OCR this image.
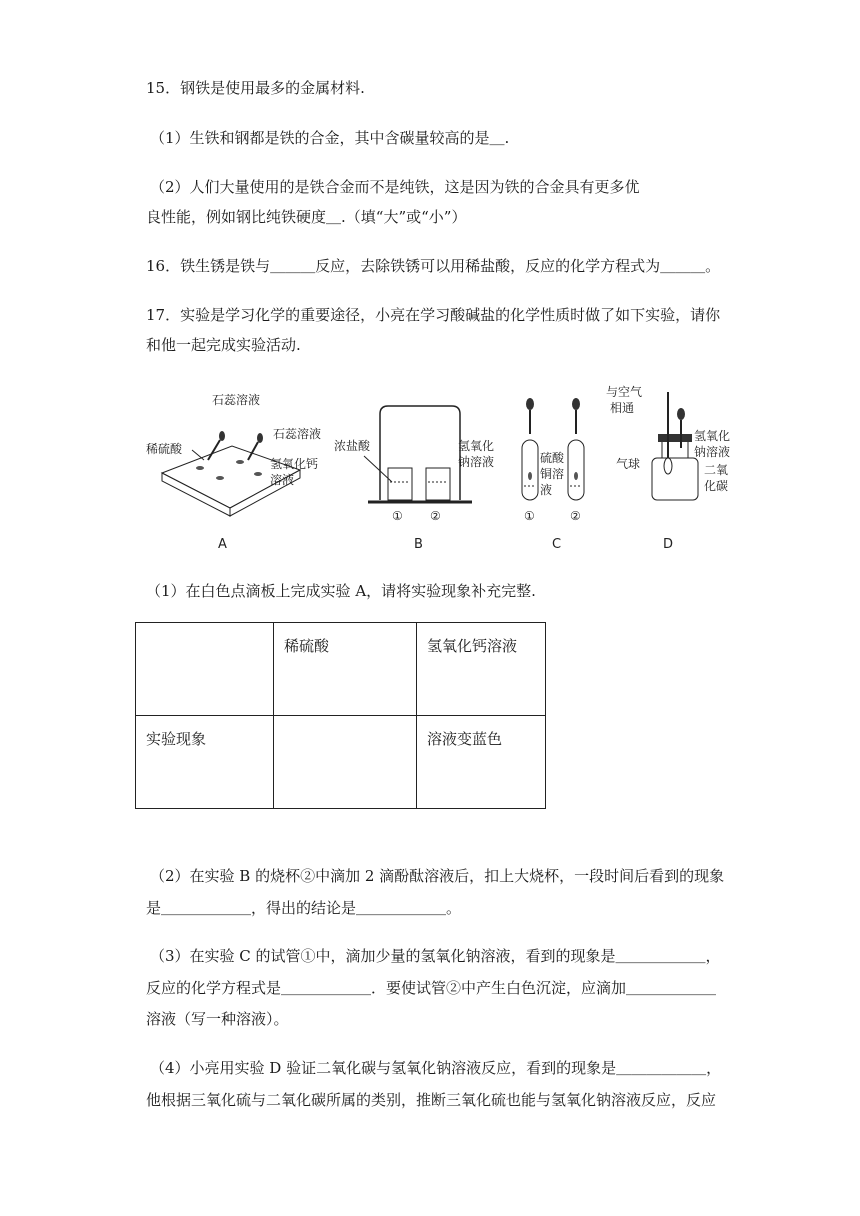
15．钢铁是使用最多的金属材料.
（1）生铁和钢都是铁的合金，其中含碳量较高的是＿.
（2）人们大量使用的是铁合金而不是纯铁，这是因为铁的合金具有更多优
良性能，例如钢比纯铁硬度＿.（填“大”或“小”）
16．铁生锈是铁与＿＿＿反应，去除铁锈可以用稀盐酸，反应的化学方程式为＿＿＿。
17．实验是学习化学的重要途径，小亮在学习酸碱盐的化学性质时做了如下实验，请你
和他一起完成实验活动.
石蕊溶液
石蕊溶液
稀硫酸
氢氧化钙
溶液
A
浓盐酸	氢氧化
钠溶液
① ②
B
硫酸
铜溶
液
①	②
C
与空气
相通
氢氧化
钠溶液
气球	二氧
化碳
D
（1）在白色点滴板上完成实验 A，请将实验现象补充完整.
	稀硫酸	氢氧化钙溶液
实验现象		溶液变蓝色
（2）在实验 B 的烧杯②中滴加 2 滴酚酞溶液后，扣上大烧杯，一段时间后看到的现象
是＿＿＿＿＿＿，得出的结论是＿＿＿＿＿＿。
（3）在实验 C 的试管①中，滴加少量的氢氧化钠溶液，看到的现象是＿＿＿＿＿＿，
反应的化学方程式是＿＿＿＿＿＿．要使试管②中产生白色沉淀，应滴加＿＿＿＿＿＿
溶液（写一种溶液）。
（4）小亮用实验 D 验证二氧化碳与氢氧化钠溶液反应，看到的现象是＿＿＿＿＿＿，
他根据三氧化硫与二氧化碳所属的类别，推断三氧化硫也能与氢氧化钠溶液反应，反应
